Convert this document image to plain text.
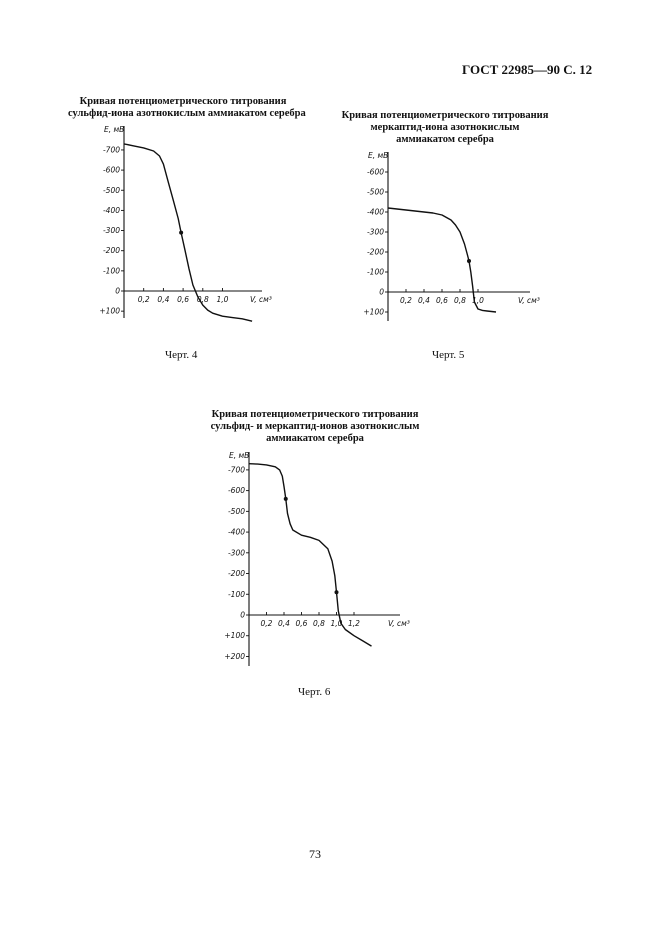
ГОСТ 22985—90 С. 12
Кривая потенциометрического титрования
сульфид-иона азотнокислым аммиакатом серебра
-700
-600
-500
-400
-300
-200
-100
0
+100
0,2 0,4 0,6 0,8 1,0
E, мВ
V, см³
-600
-500
-400
-300
-200
-100
0
+100
0,2 0,4 0,6 0,8 1,0
E, мВ
V, см³
-700
-600
-500
-400
-300
-200
-100
0
+100
+200
0,2 0,4 0,6 0,8 1,0 1,2
E, мВ
V, см³
Черт. 4
Кривая потенциометрического титрования
меркаптид-иона азотнокислым
аммиакатом серебра
Черт. 5
Кривая потенциометрического титрования
сульфид- и меркаптид-ионов азотнокислым
аммиакатом серебра
Черт. 6
73
